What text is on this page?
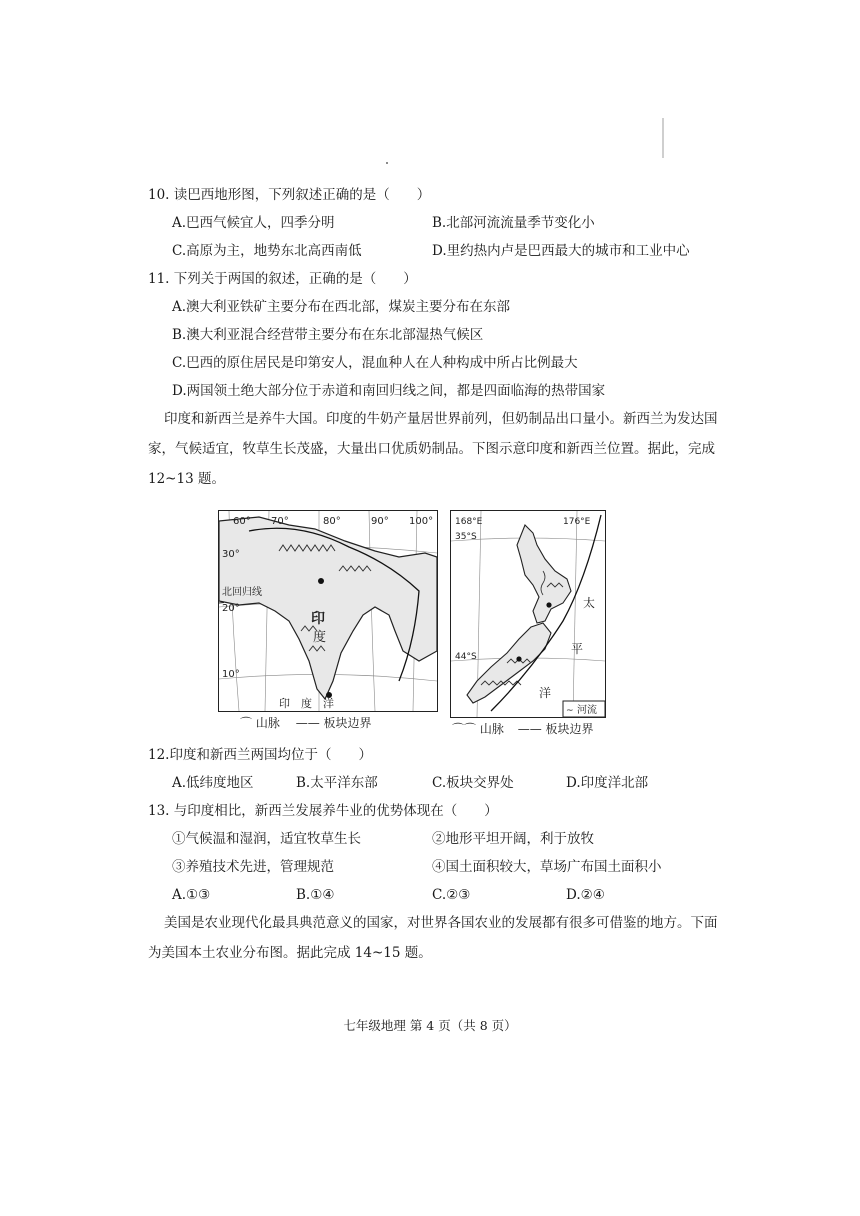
10. 读巴西地形图，下列叙述正确的是（　　）
A.巴西气候宜人，四季分明	B.北部河流流量季节变化小
C.高原为主，地势东北高西南低	D.里约热内卢是巴西最大的城市和工业中心
11. 下列关于两国的叙述，正确的是（　　）
A.澳大利亚铁矿主要分布在西北部，煤炭主要分布在东部
B.澳大利亚混合经营带主要分布在东北部湿热气候区
C.巴西的原住居民是印第安人，混血种人在人种构成中所占比例最大
D.两国领土绝大部分位于赤道和南回归线之间，都是四面临海的热带国家
印度和新西兰是养牛大国。印度的牛奶产量居世界前列，但奶制品出口量小。新西兰为发达国
家，气候适宜，牧草生长茂盛，大量出口优质奶制品。下图示意印度和新西兰位置。据此，完成
12~13 题。
60° 70°	80°	90° 100°
30°
20°
10°
北回归线
印
度
印　度　洋
⌒ 山脉 —— 板块边界
168°E	176°E
35°S
44°S
太
平
洋
~ 河流
⌒⌒ 山脉 —— 板块边界
12.印度和新西兰两国均位于（　　）
A.低纬度地区	B.太平洋东部	C.板块交界处	D.印度洋北部
13. 与印度相比，新西兰发展养牛业的优势体现在（　　）
①气候温和湿润，适宜牧草生长	②地形平坦开阔，利于放牧
③养殖技术先进，管理规范	④国土面积较大，草场广布国土面积小
A.①③	B.①④	C.②③	D.②④
美国是农业现代化最具典范意义的国家，对世界各国农业的发展都有很多可借鉴的地方。下面
为美国本土农业分布图。据此完成 14~15 题。
七年级地理 第 4 页（共 8 页）
